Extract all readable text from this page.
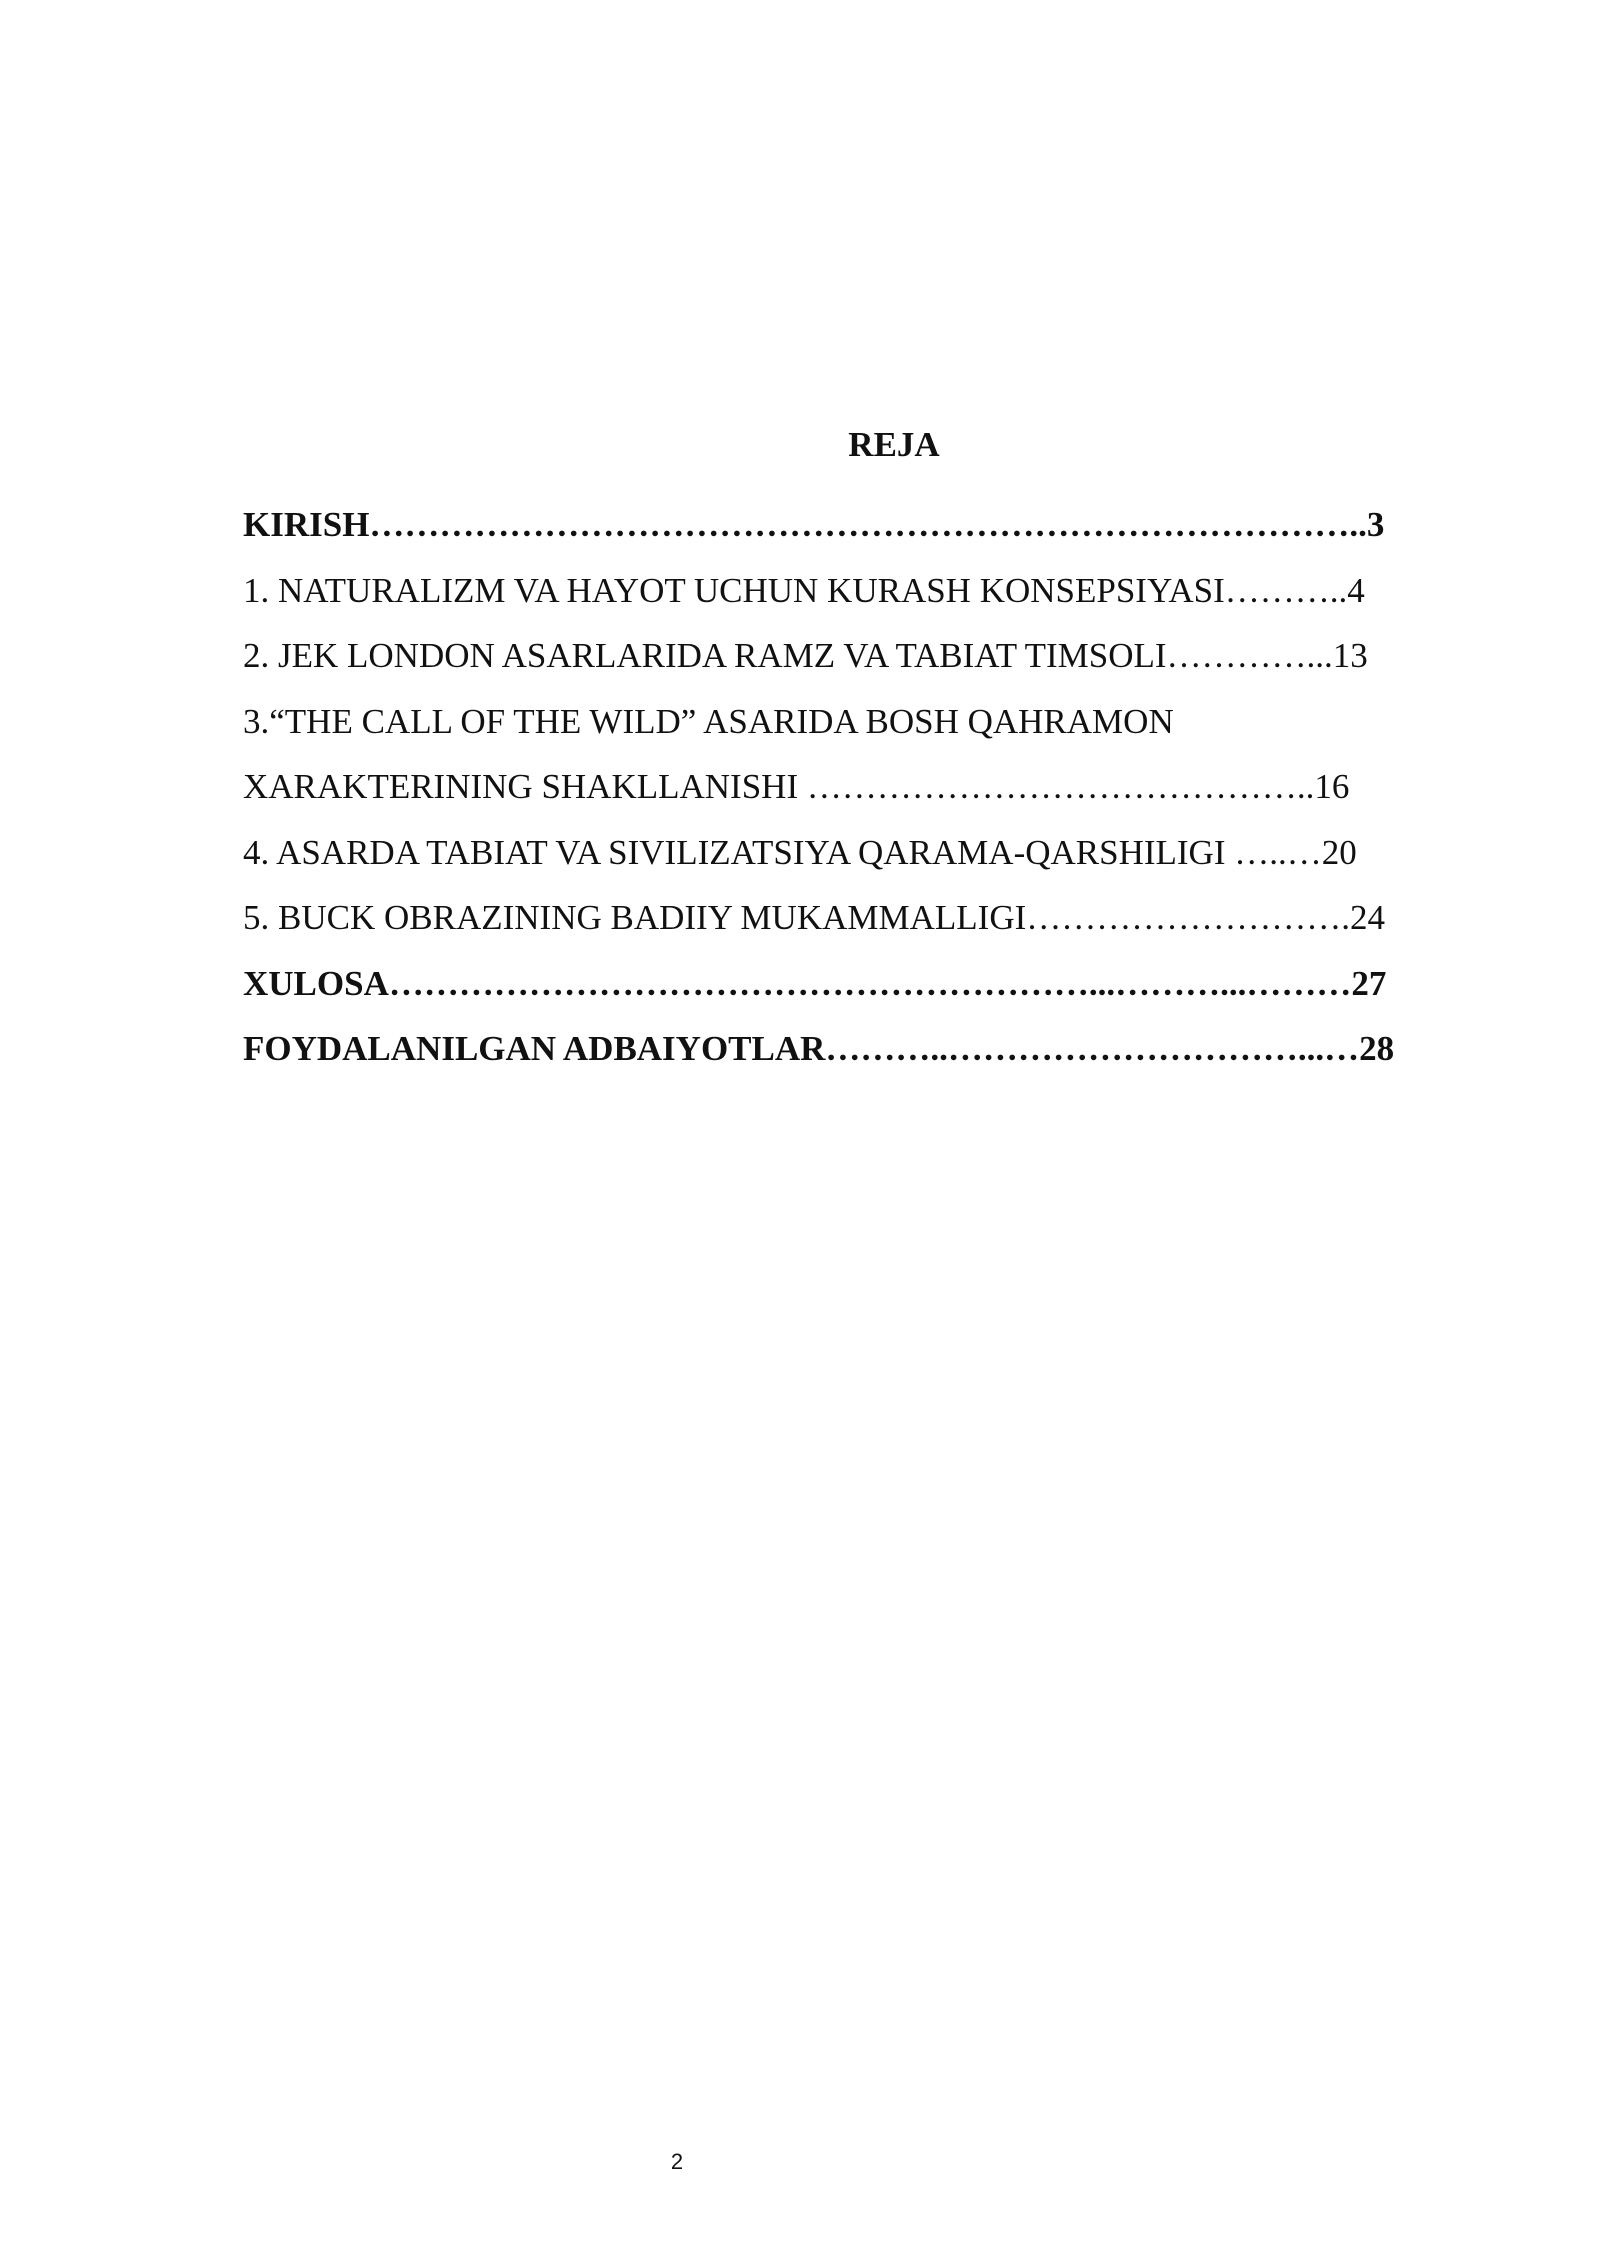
REJA
KIRISH…………………………………………………………………………..3
1. NATURALIZM VA HAYOT UCHUN KURASH KONSEPSIYASI………..4
2. JEK LONDON ASARLARIDA RAMZ VA TABIAT TIMSOLI…………...13
3.“THE CALL OF THE WILD” ASARIDA BOSH QAHRAMON
XARAKTERINING SHAKLLANISHI ……………………………………..16
4. ASARDA TABIAT VA SIVILIZATSIYA QARAMA-QARSHILIGI …..…20
5. BUCK OBRAZINING BADIIY MUKAMMALLIGI……………………….24
XULOSA……………………………………………………...………...………27
FOYDALANILGAN ADBAIYOTLAR………..…………………………...…28
2
